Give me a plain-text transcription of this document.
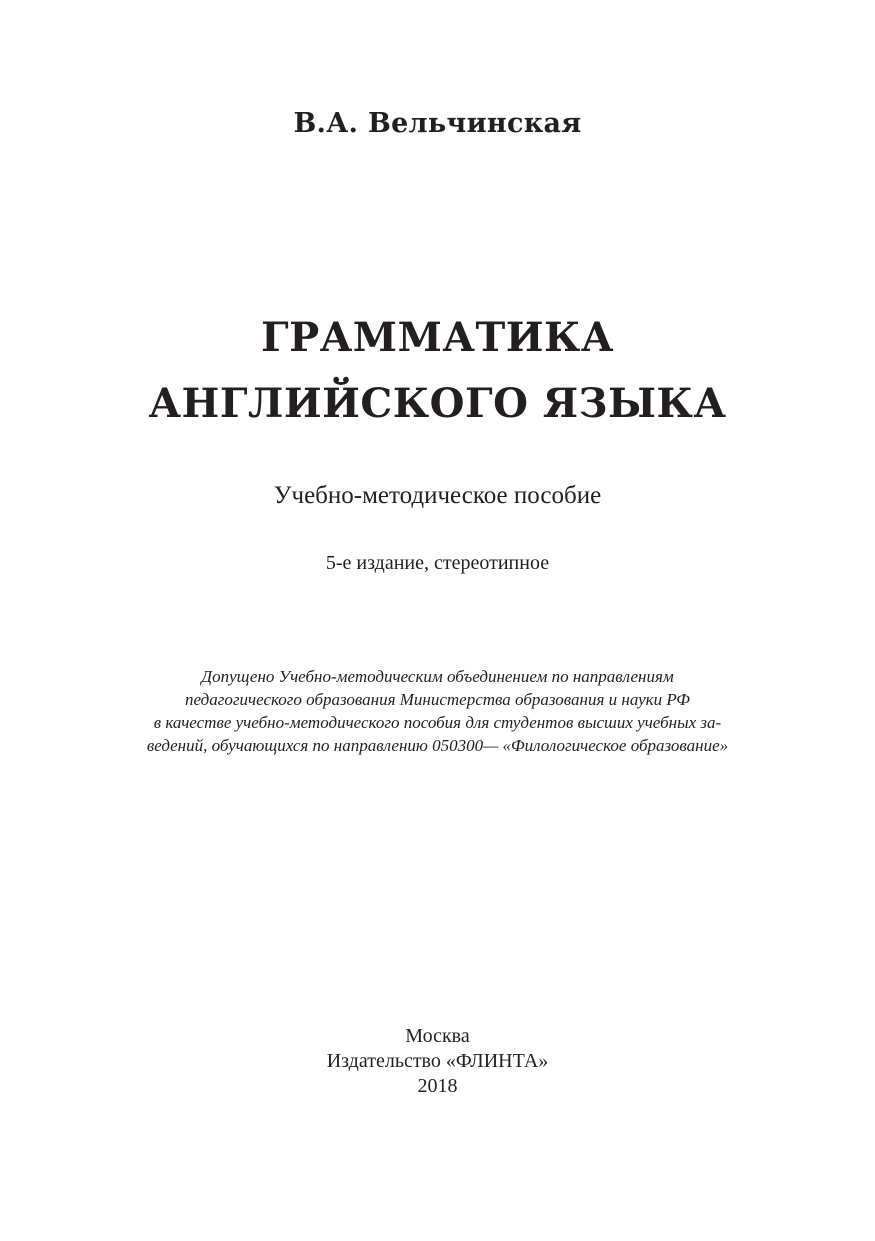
В.А. Вельчинская
ГРАММАТИКА
АНГЛИЙСКОГО ЯЗЫКА
Учебно-методическое пособие
5-е издание, стереотипное
Допущено Учебно-методическим объединением по направлениям
педагогического образования Министерства образования и науки РФ
в качестве учебно-методического пособия для студентов высших учебных за-
ведений, обучающихся по направлению 050300— «Филологическое образование»
Москва
Издательство «ФЛИНТА»
2018
